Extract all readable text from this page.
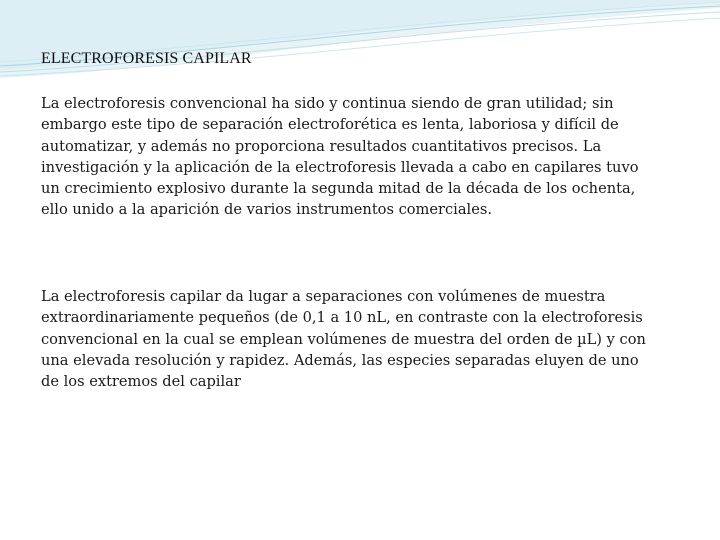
ELECTROFORESIS CAPILAR

La electroforesis convencional ha sido y continua siendo de gran utilidad; sin embargo este tipo de separación electroforética es lenta, laboriosa y difícil de automatizar, y además no proporciona resultados cuantitativos precisos. La investigación y la aplicación de la electroforesis llevada a cabo en capilares tuvo un crecimiento explosivo durante la segunda mitad de la década de los ochenta, ello unido a la aparición de varios instrumentos comerciales.

La electroforesis capilar da lugar a separaciones con volúmenes de muestra extraordinariamente pequeños (de 0,1 a 10 nL, en contraste con la electroforesis convencional en la cual se emplean volúmenes de muestra del orden de µL) y con una elevada resolución y rapidez. Además, las especies separadas eluyen de uno de los extremos del capilar
